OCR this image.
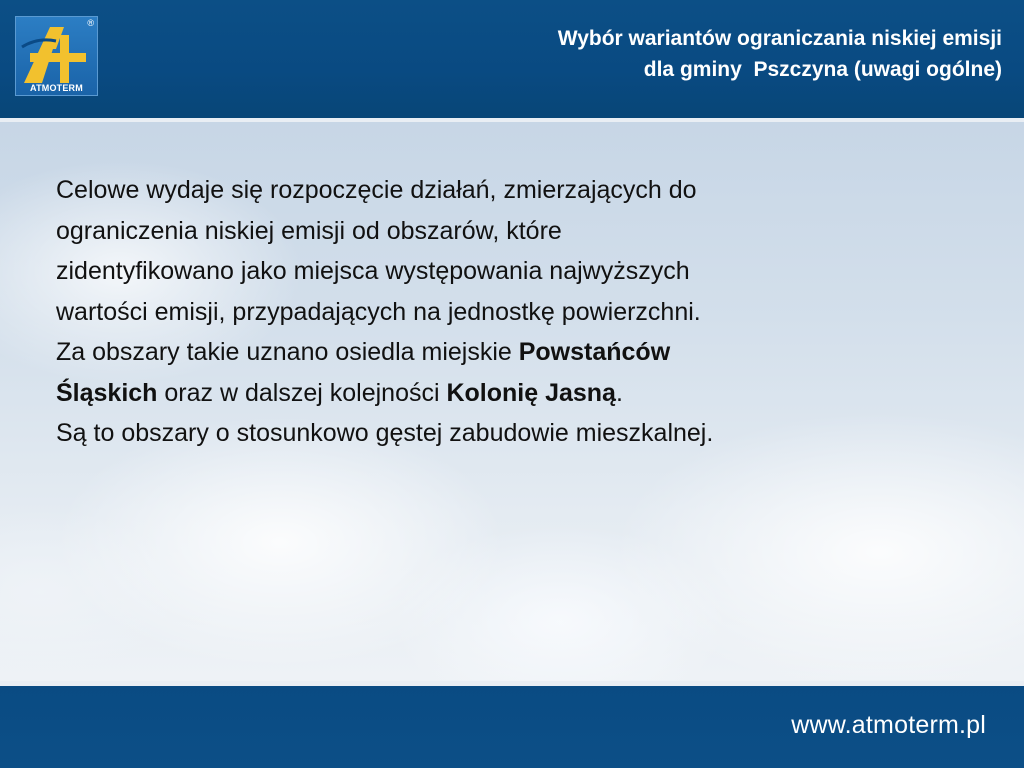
®
ATMOTERM
Wybór wariantów ograniczania niskiej emisji
dla gminy  Pszczyna (uwagi ogólne)
Celowe wydaje się rozpoczęcie działań, zmierzających do
ograniczenia niskiej emisji od obszarów, które
zidentyfikowano jako miejsca występowania najwyższych
wartości emisji, przypadających na jednostkę powierzchni.
Za obszary takie uznano osiedla miejskie Powstańców
Śląskich oraz w dalszej kolejności Kolonię Jasną.
Są to obszary o stosunkowo gęstej zabudowie mieszkalnej.
www.atmoterm.pl
